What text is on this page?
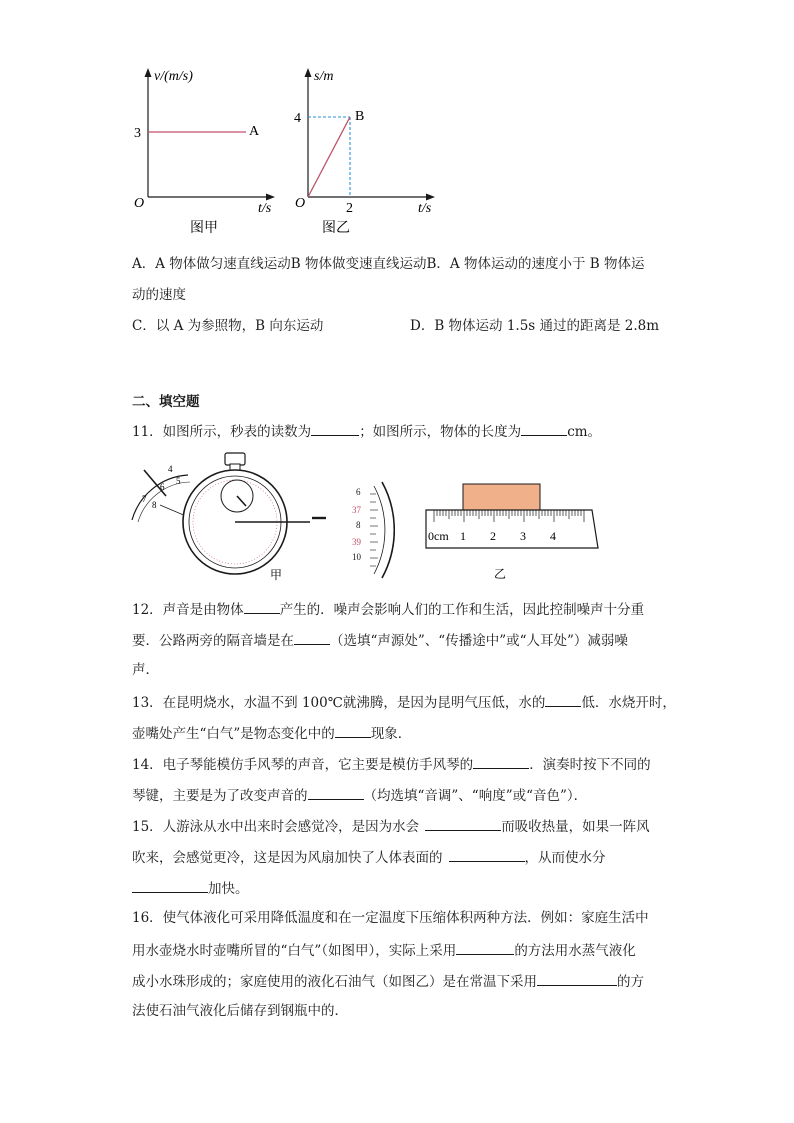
v/(m/s)
3	A
O	t/s
图甲
s/m
4	B
O	2	t/s
图乙
A．A 物体做匀速直线运动B 物体做变速直线运动B．A 物体运动的速度小于 B 物体运
动的速度
C．以 A 为参照物，B 向东运动	D．B 物体运动 1.5s 通过的距离是 2.8m
二、填空题
11．如图所示，秒表的读数为	；如图所示，物体的长度为	cm。
4
5
6
7
8
6
37
8
39
10
甲
0cm 1 2 3 4
乙
12．声音是由物体	产生的．噪声会影响人们的工作和生活，因此控制噪声十分重
要．公路两旁的隔音墙是在	（选填“声源处”、“传播途中”或“人耳处”）减弱噪
声．
13．在昆明烧水，水温不到 100℃就沸腾，是因为昆明气压低，水的	低．水烧开时，
壶嘴处产生“白气”是物态变化中的	现象．
14．电子琴能模仿手风琴的声音，它主要是模仿手风琴的	．演奏时按下不同的
琴键，主要是为了改变声音的	（均选填“音调”、“响度”或“音色”）．
15．人游泳从水中出来时会感觉冷，是因为水会	而吸收热量，如果一阵风
吹来，会感觉更冷，这是因为风扇加快了人体表面的	，从而使水分
加快。
16．使气体液化可采用降低温度和在一定温度下压缩体积两种方法．例如：家庭生活中
用水壶烧水时壶嘴所冒的“白气”（如图甲），实际上采用	的方法用水蒸气液化
成小水珠形成的；家庭使用的液化石油气（如图乙）是在常温下采用	的方
法使石油气液化后储存到钢瓶中的．
